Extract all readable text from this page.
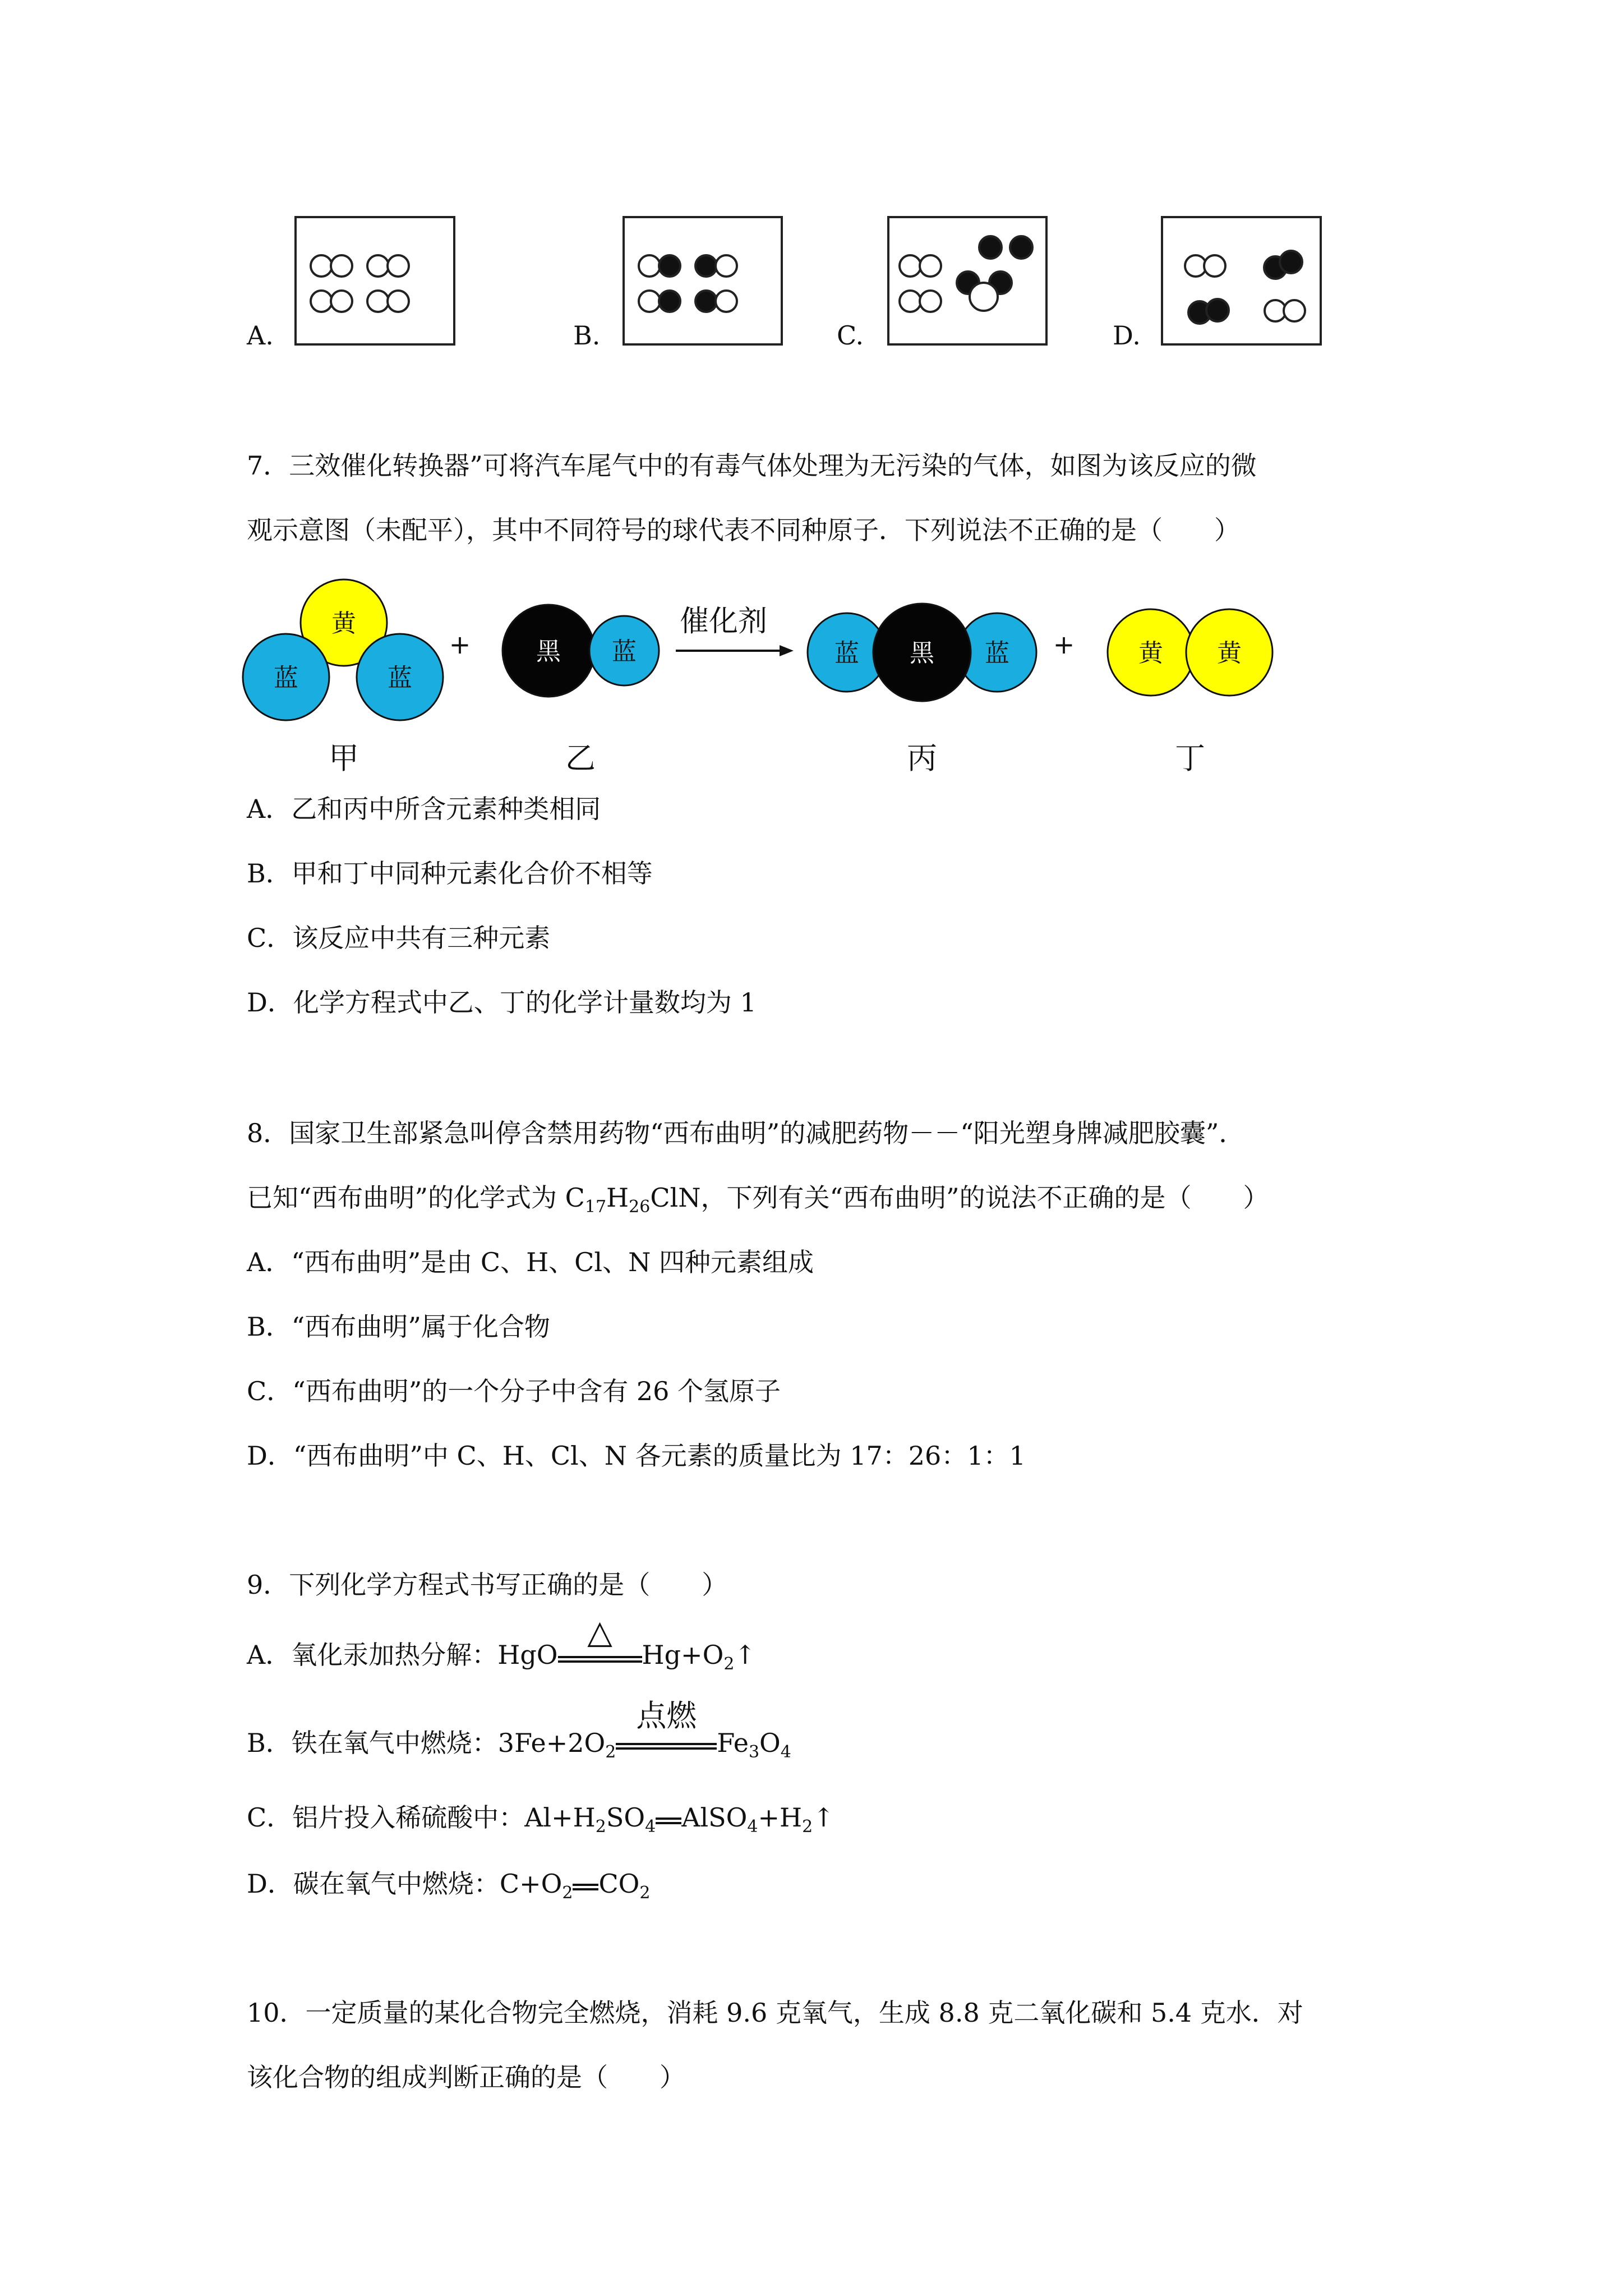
A.	B.	C.	D.
7．三效催化转换器”可将汽车尾气中的有毒气体处理为无污染的气体，如图为该反应的微
观示意图（未配平），其中不同符号的球代表不同种原子．下列说法不正确的是（　　）
黄
蓝	蓝
+	黑 蓝
催化剂
蓝 黑 蓝 +	黄 黄
甲	乙	丙	丁
A．乙和丙中所含元素种类相同
B．甲和丁中同种元素化合价不相等
C．该反应中共有三种元素
D．化学方程式中乙、丁的化学计量数均为 1
8．国家卫生部紧急叫停含禁用药物“西布曲明”的减肥药物－－“阳光塑身牌减肥胶囊”．
已知“西布曲明”的化学式为 $C_{17}H_{26}ClN$，下列有关“西布曲明”的说法不正确的是（　　）
A．“西布曲明”是由 C、H、Cl、N 四种元素组成
B．“西布曲明”属于化合物
C．“西布曲明”的一个分子中含有 26 个氢原子
D．“西布曲明”中 C、H、Cl、N 各元素的质量比为 17：26：1：1
9．下列化学方程式书写正确的是（　　）
A．氧化汞加热分解：HgO
△
$Hg+O_2↑$
B．铁在氧气中燃烧：$3Fe+2O_2$
点燃
$Fe_3O_4$
C．铝片投入稀硫酸中：$Al+H_2SO_4$ $AlSO_4+H_2↑$
D．碳在氧气中燃烧：$C+O_2$ $CO_2$
10．一定质量的某化合物完全燃烧，消耗 9.6 克氧气，生成 8.8 克二氧化碳和 5.4 克水．对
该化合物的组成判断正确的是（　　）
